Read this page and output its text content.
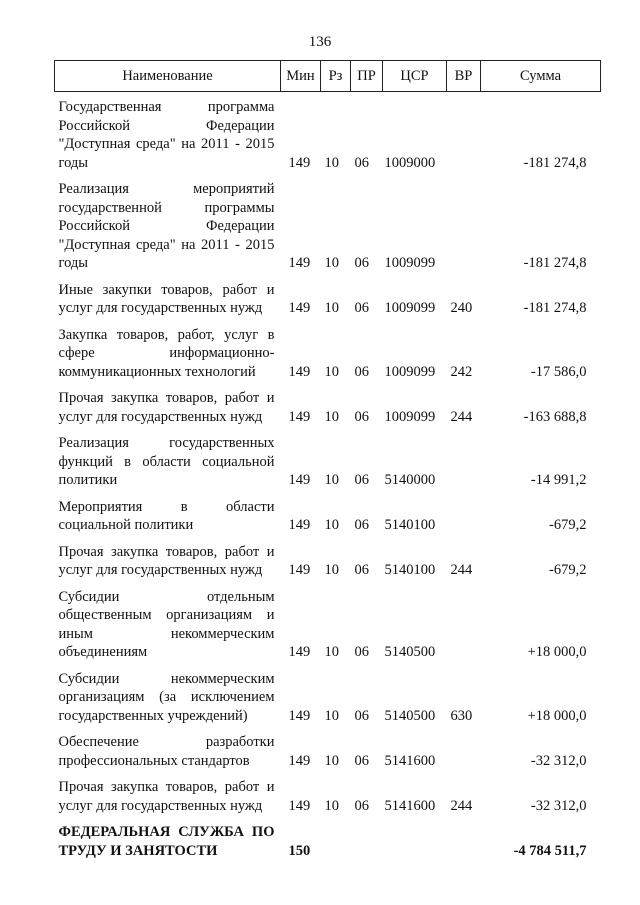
136
Наименование	Мин	Рз	ПР	ЦСР	ВР	Сумма
Государственная программа Российской Федерации "Доступная среда" на 2011 - 2015 годы	149	10	06	1009000		-181 274,8
Реализация мероприятий государственной программы Российской Федерации "Доступная среда" на 2011 - 2015 годы	149	10	06	1009099		-181 274,8
Иные закупки товаров, работ и услуг для государственных нужд	149	10	06	1009099	240	-181 274,8
Закупка товаров, работ, услуг в сфере информационно-коммуникационных технологий	149	10	06	1009099	242	-17 586,0
Прочая закупка товаров, работ и услуг для государственных нужд	149	10	06	1009099	244	-163 688,8
Реализация государственных функций в области социальной политики	149	10	06	5140000		-14 991,2
Мероприятия в области социальной политики	149	10	06	5140100		-679,2
Прочая закупка товаров, работ и услуг для государственных нужд	149	10	06	5140100	244	-679,2
Субсидии отдельным общественным организациям и иным некоммерческим объединениям	149	10	06	5140500		+18 000,0
Субсидии некоммерческим организациям (за исключением государственных учреждений)	149	10	06	5140500	630	+18 000,0
Обеспечение разработки профессиональных стандартов	149	10	06	5141600		-32 312,0
Прочая закупка товаров, работ и услуг для государственных нужд	149	10	06	5141600	244	-32 312,0
ФЕДЕРАЛЬНАЯ СЛУЖБА ПО ТРУДУ И ЗАНЯТОСТИ	150					-4 784 511,7
